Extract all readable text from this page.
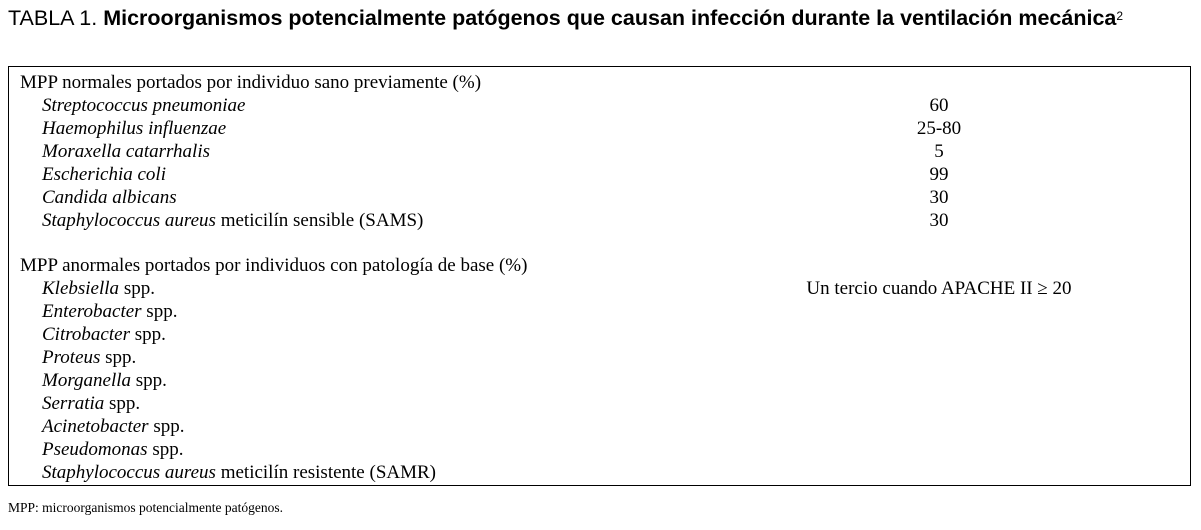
TABLA 1. Microorganismos potencialmente patógenos que causan infección durante la ventilación mecánica$^2$
MPP normales portados por individuo sano previamente (%)
Streptococcus pneumoniae	60
Haemophilus influenzae	25-80
Moraxella catarrhalis	5
Escherichia coli	99
Candida albicans	30
Staphylococcus aureus meticilín sensible (SAMS)	30
MPP anormales portados por individuos con patología de base (%)
Klebsiella spp.	Un tercio cuando APACHE II ≥ 20
Enterobacter spp.
Citrobacter spp.
Proteus spp.
Morganella spp.
Serratia spp.
Acinetobacter spp.
Pseudomonas spp.
Staphylococcus aureus meticilín resistente (SAMR)
MPP: microorganismos potencialmente patógenos.
